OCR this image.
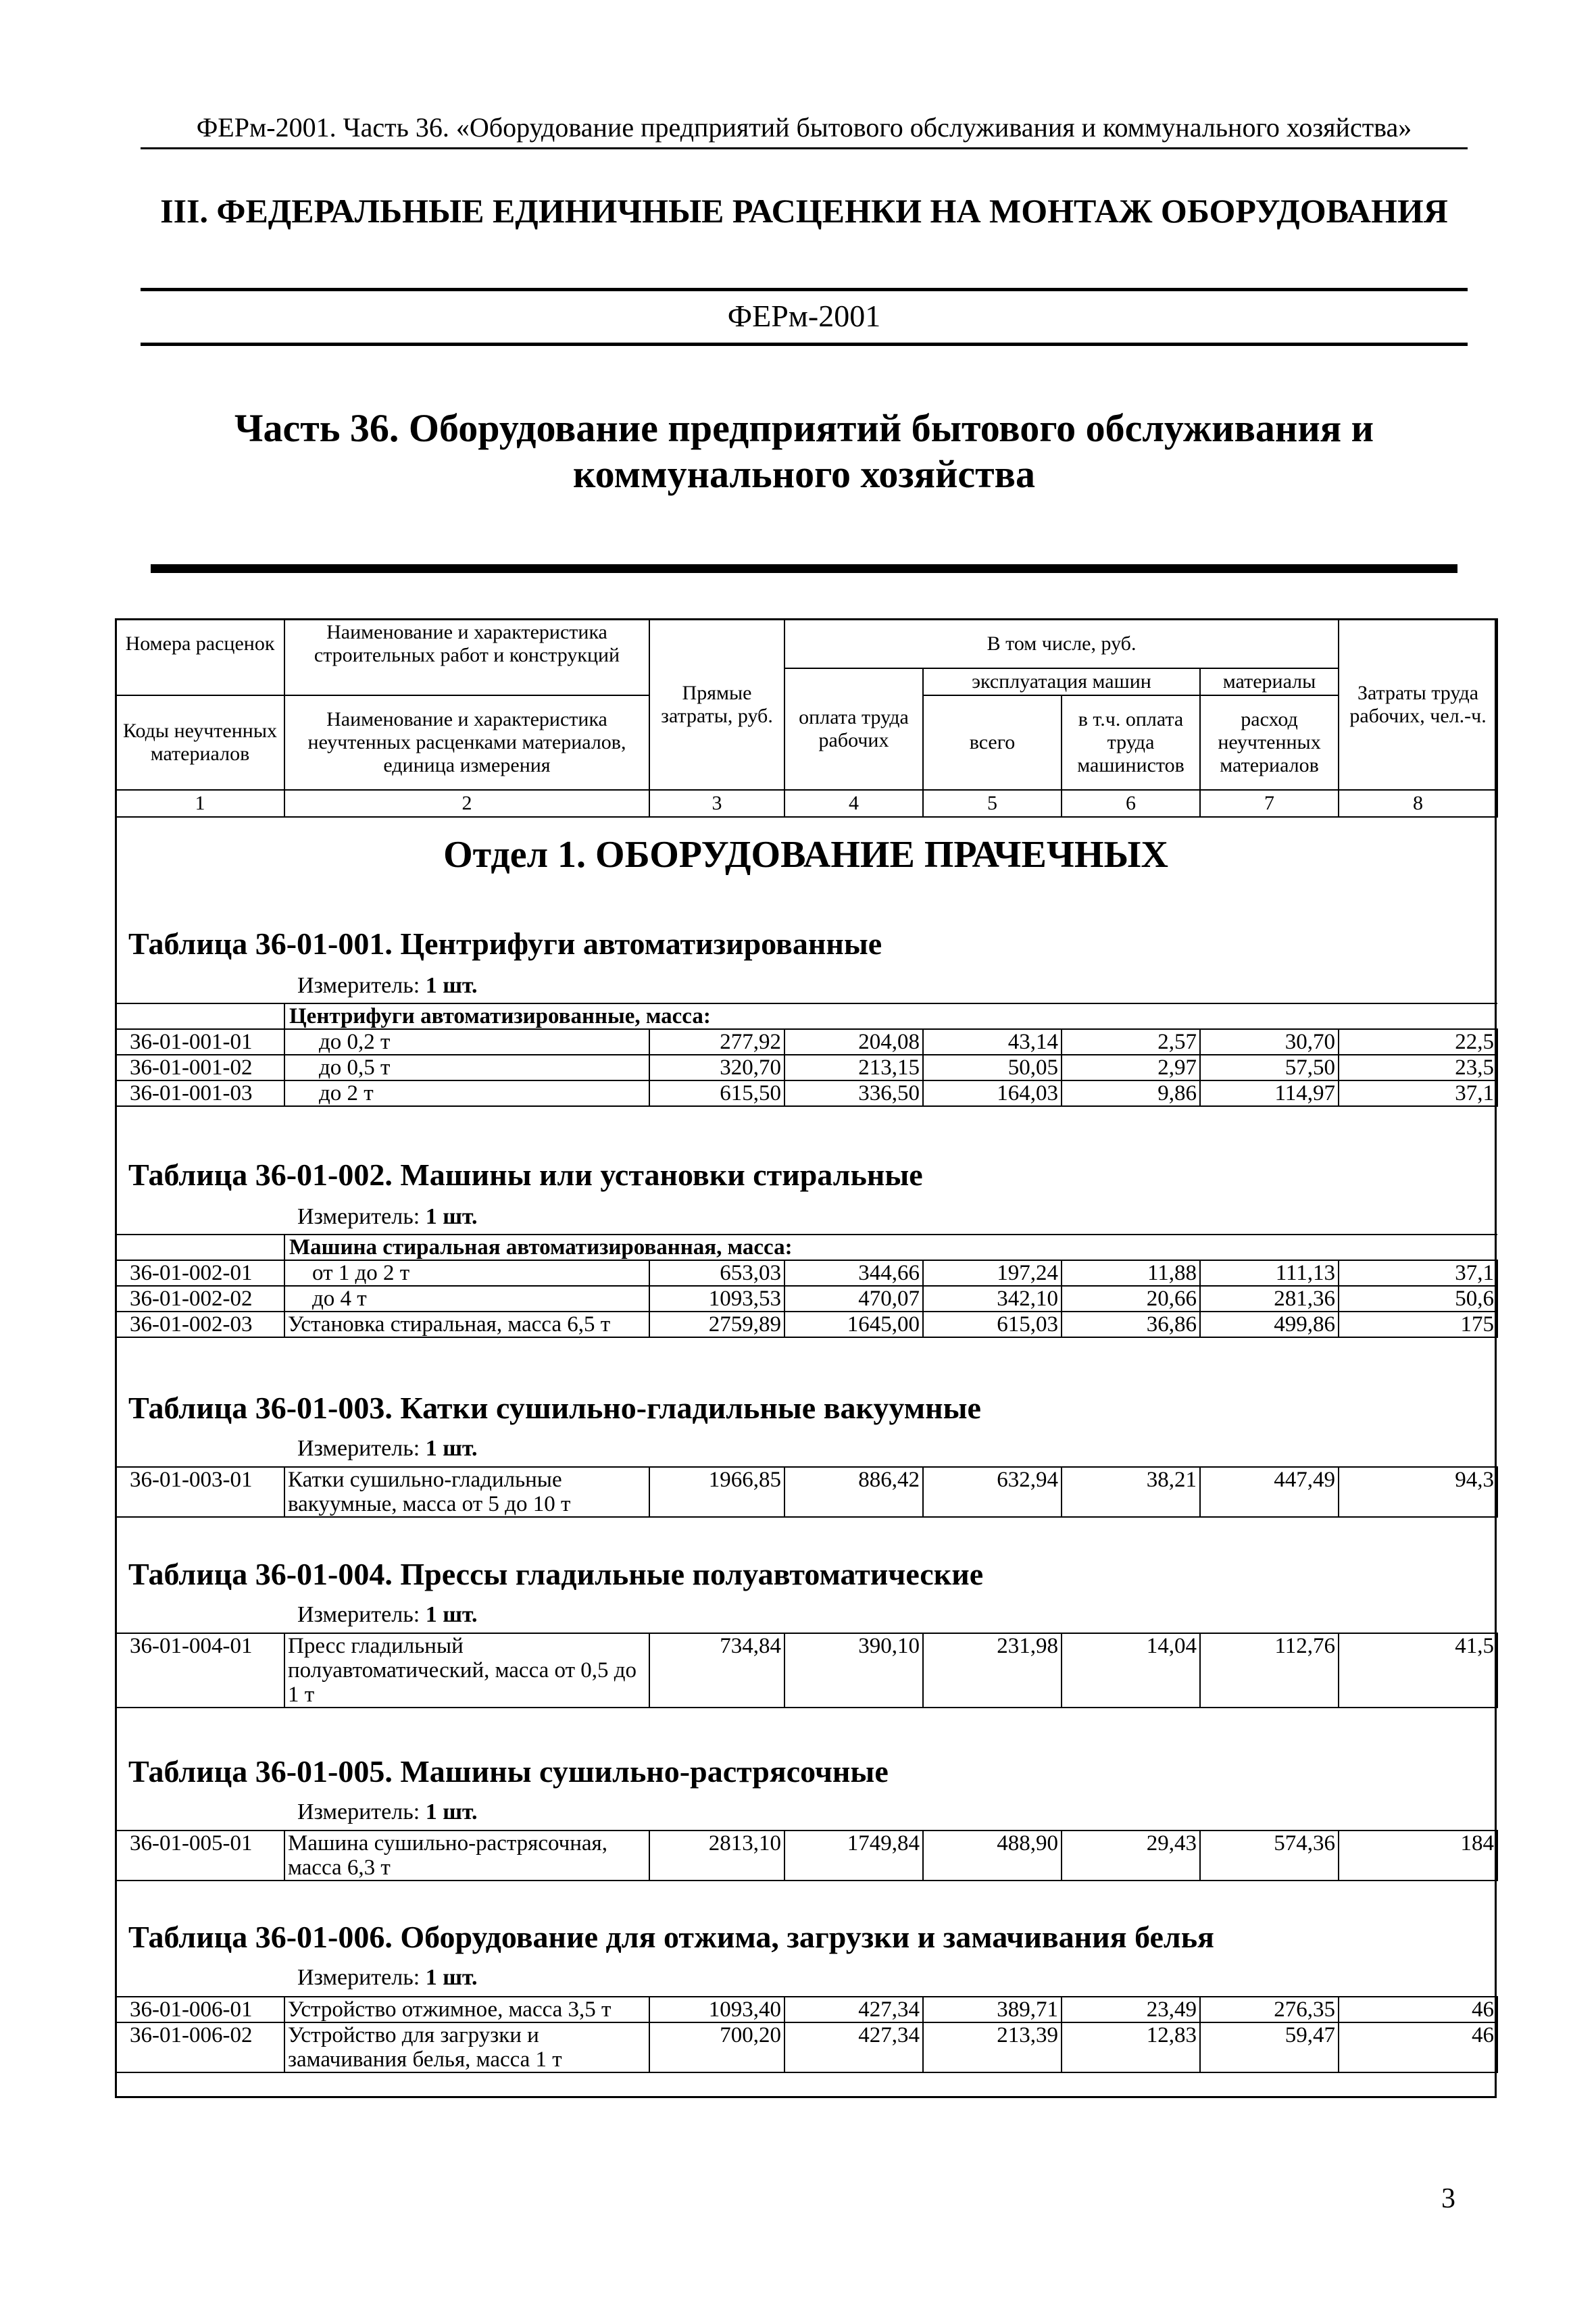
ФЕРм-2001. Часть 36. «Оборудование предприятий бытового обслуживания и коммунального хозяйства»
III. ФЕДЕРАЛЬНЫЕ ЕДИНИЧНЫЕ РАСЦЕНКИ НА МОНТАЖ ОБОРУДОВАНИЯ
ФЕРм-2001
Часть 36. Оборудование предприятий бытового обслуживания и
коммунального хозяйства
Номера расценок	Наименование и характеристика строительных работ и конструкций	Прямые затраты, руб.	В том числе, руб.				Затраты труда рабочих, чел.-ч.
			оплата труда рабочих	эксплуатация машин		материалы	
Коды неучтенных материалов	Наименование и характеристика неучтенных расценками материалов, единица измерения			всего	в т.ч. оплата труда машинистов	расход неучтенных материалов	
1	2	3	4	5	6	7	8
Отдел 1. ОБОРУДОВАНИЕ ПРАЧЕЧНЫХ
Таблица 36-01-001. Центрифуги автоматизированные
Измеритель: 1 шт.
	Центрифуги автоматизированные, масса:						
36-01-001-01	до 0,2 т	277,92	204,08	43,14	2,57	30,70	22,5
36-01-001-02	до 0,5 т	320,70	213,15	50,05	2,97	57,50	23,5
36-01-001-03	до 2 т	615,50	336,50	164,03	9,86	114,97	37,1
Таблица 36-01-002. Машины или установки стиральные
Измеритель: 1 шт.
	Машина стиральная автоматизированная, масса:						
36-01-002-01	от 1 до 2 т	653,03	344,66	197,24	11,88	111,13	37,1
36-01-002-02	до 4 т	1093,53	470,07	342,10	20,66	281,36	50,6
36-01-002-03	Установка стиральная, масса 6,5 т	2759,89	1645,00	615,03	36,86	499,86	175
Таблица 36-01-003. Катки сушильно-гладильные вакуумные
Измеритель: 1 шт.
36-01-003-01	Катки сушильно-гладильные вакуумные, масса от 5 до 10 т	1966,85	886,42	632,94	38,21	447,49	94,3
Таблица 36-01-004. Прессы гладильные полуавтоматические
Измеритель: 1 шт.
36-01-004-01	Пресс гладильный полуавтоматический, масса от 0,5 до 1 т	734,84	390,10	231,98	14,04	112,76	41,5
Таблица 36-01-005. Машины сушильно-растрясочные
Измеритель: 1 шт.
36-01-005-01	Машина сушильно-растрясочная, масса 6,3 т	2813,10	1749,84	488,90	29,43	574,36	184
Таблица 36-01-006. Оборудование для отжима, загрузки и замачивания белья
Измеритель: 1 шт.
36-01-006-01	Устройство отжимное, масса 3,5 т	1093,40	427,34	389,71	23,49	276,35	46
36-01-006-02	Устройство для загрузки и замачивания белья, масса 1 т	700,20	427,34	213,39	12,83	59,47	46
3
